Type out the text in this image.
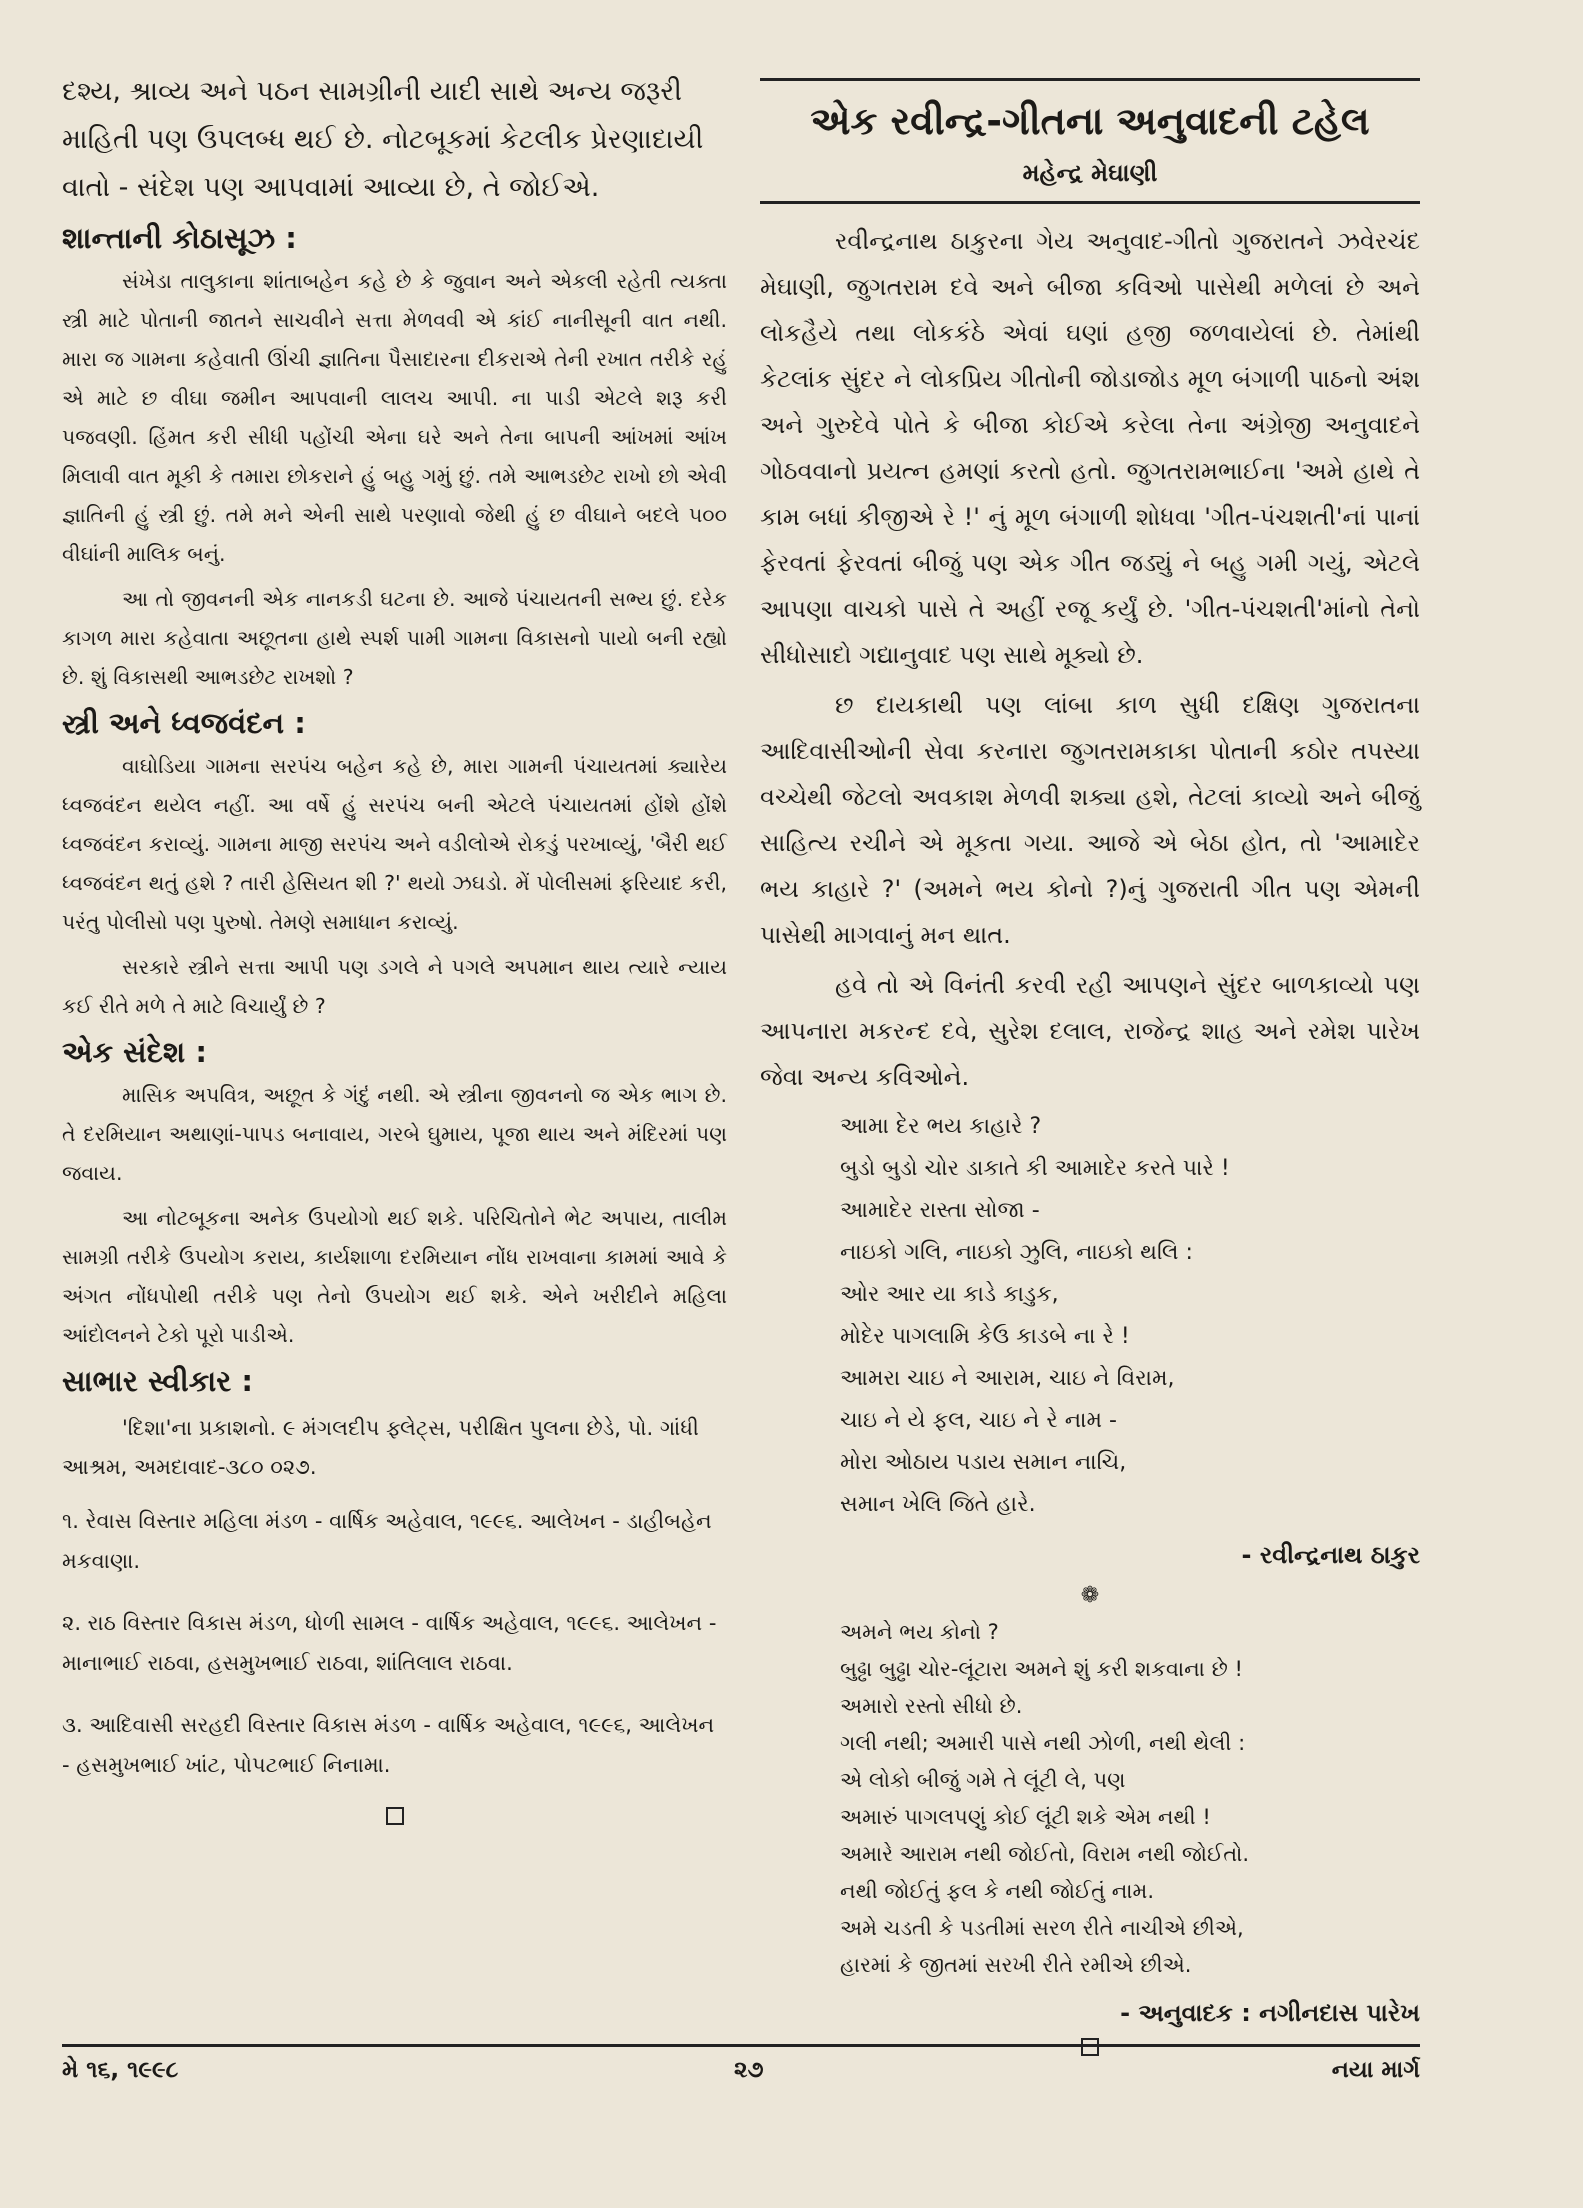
દશ્ય, શ્રાવ્ય અને પઠન સામગ્રીની યાદી સાથે અન્ય જરૂરી

માહિતી પણ ઉપલબ્ધ થઈ છે. નોટબૂકમાં કેટલીક પ્રેરણાદાયી

વાતો - સંદેશ પણ આપવામાં આવ્યા છે, તે જોઈએ.

શાન્તાની કોઠાસૂઝ :

સંખેડા તાલુકાના શાંતાબહેન કહે છે કે જુવાન અને એકલી રહેતી ત્યક્તા સ્ત્રી માટે પોતાની જાતને સાચવીને સત્તા મેળવવી એ કાંઈ નાનીસૂની વાત નથી. મારા જ ગામના કહેવાતી ઊંચી જ્ઞાતિના પૈસાદારના દીકરાએ તેની રખાત તરીકે રહું એ માટે છ વીઘા જમીન આપવાની લાલચ આપી. ના પાડી એટલે શરૂ કરી પજવણી. હિંમત કરી સીધી પહોંચી એના ઘરે અને તેના બાપની આંખમાં આંખ મિલાવી વાત મૂકી કે તમારા છોકરાને હું બહુ ગમું છું. તમે આભડછેટ રાખો છો એવી જ્ઞાતિની હું સ્ત્રી છું. તમે મને એની સાથે પરણાવો જેથી હું છ વીઘાને બદલે ૫૦૦ વીઘાંની માલિક બનું.

આ તો જીવનની એક નાનકડી ઘટના છે. આજે પંચાયતની સભ્ય છું. દરેક કાગળ મારા કહેવાતા અછૂતના હાથે સ્પર્શ પામી ગામના વિકાસનો પાયો બની રહ્યો છે. શું વિકાસથી આભડછેટ રાખશો ?

સ્ત્રી અને ધ્વજવંદન :

વાઘોડિયા ગામના સરપંચ બહેન કહે છે, મારા ગામની પંચાયતમાં ક્યારેય ધ્વજવંદન થયેલ નહીં. આ વર્ષે હું સરપંચ બની એટલે પંચાયતમાં હોંશે હોંશે ધ્વજવંદન કરાવ્યું. ગામના માજી સરપંચ અને વડીલોએ રોકડું પરખાવ્યું, 'બૈરી થઈ ધ્વજવંદન થતું હશે ? તારી હેસિયત શી ?' થયો ઝઘડો. મેં પોલીસમાં ફરિયાદ કરી, પરંતુ પોલીસો પણ પુરુષો. તેમણે સમાધાન કરાવ્યું.

સરકારે સ્ત્રીને સત્તા આપી પણ ડગલે ને પગલે અપમાન થાય ત્યારે ન્યાય કઈ રીતે મળે તે માટે વિચાર્યું છે ?

એક સંદેશ :

માસિક અપવિત્ર, અછૂત કે ગંદું નથી. એ સ્ત્રીના જીવનનો જ એક ભાગ છે. તે દરમિયાન અથાણાં-પાપડ બનાવાય, ગરબે ઘુમાય, પૂજા થાય અને મંદિરમાં પણ જવાય.

આ નોટબૂકના અનેક ઉપયોગો થઈ શકે. પરિચિતોને ભેટ અપાય, તાલીમ સામગ્રી તરીકે ઉપયોગ કરાય, કાર્યશાળા દરમિયાન નોંધ રાખવાના કામમાં આવે કે અંગત નોંધપોથી તરીકે પણ તેનો ઉપયોગ થઈ શકે. એને ખરીદીને મહિલા આંદોલનને ટેકો પૂરો પાડીએ.

સાભાર સ્વીકાર :

'દિશા'ના પ્રકાશનો. ૯ મંગલદીપ ફ્લેટ્સ, પરીક્ષિત પુલના છેડે, પો. ગાંધી આશ્રમ, અમદાવાદ-૩૮૦ ૦૨૭.

૧. રેવાસ વિસ્તાર મહિલા મંડળ - વાર્ષિક અહેવાલ, ૧૯૯૬. આલેખન - ડાહીબહેન મકવાણા.

૨. રાઠ વિસ્તાર વિકાસ મંડળ, ધોળી સામલ - વાર્ષિક અહેવાલ, ૧૯૯૬. આલેખન - માનાભાઈ રાઠવા, હસમુખભાઈ રાઠવા, શાંતિલાલ રાઠવા.

૩. આદિવાસી સરહદી વિસ્તાર વિકાસ મંડળ - વાર્ષિક અહેવાલ, ૧૯૯૬, આલેખન - હસમુખભાઈ ખાંટ, પોપટભાઈ નિનામા.

એક રવીન્દ્ર-ગીતના અનુવાદની ટહેલ
મહેન્દ્ર મેઘાણી

રવીન્દ્રનાથ ઠાકુરના ગેય અનુવાદ-ગીતો ગુજરાતને ઝવેરચંદ મેઘાણી, જુગતરામ દવે અને બીજા કવિઓ પાસેથી મળેલાં છે અને લોકહૈયે તથા લોકકંઠે એવાં ઘણાં હજી જળવાયેલાં છે. તેમાંથી કેટલાંક સુંદર ને લોકપ્રિય ગીતોની જોડાજોડ મૂળ બંગાળી પાઠનો અંશ અને ગુરુદેવે પોતે કે બીજા કોઈએ કરેલા તેના અંગ્રેજી અનુવાદને ગોઠવવાનો પ્રયત્ન હમણાં કરતો હતો. જુગતરામભાઈના 'અમે હાથે તે કામ બધાં કીજીએ રે !' નું મૂળ બંગાળી શોધવા 'ગીત-પંચશતી'નાં પાનાં ફેરવતાં ફેરવતાં બીજું પણ એક ગીત જડ્યું ને બહુ ગમી ગયું, એટલે આપણા વાચકો પાસે તે અહીં રજૂ કર્યું છે. 'ગીત-પંચશતી'માંનો તેનો સીધોસાદો ગદ્યાનુવાદ પણ સાથે મૂક્યો છે.

છ દાયકાથી પણ લાંબા કાળ સુધી દક્ષિણ ગુજરાતના આદિવાસીઓની સેવા કરનારા જુગતરામકાકા પોતાની કઠોર તપસ્યા વચ્ચેથી જેટલો અવકાશ મેળવી શક્યા હશે, તેટલાં કાવ્યો અને બીજું સાહિત્ય રચીને એ મૂકતા ગયા. આજે એ બેઠા હોત, તો 'આમાદેર ભય કાહારે ?' (અમને ભય કોનો ?)નું ગુજરાતી ગીત પણ એમની પાસેથી માગવાનું મન થાત.

હવે તો એ વિનંતી કરવી રહી આપણને સુંદર બાળકાવ્યો પણ આપનારા મકરન્દ દવે, સુરેશ દલાલ, રાજેન્દ્ર શાહ અને રમેશ પારેખ જેવા અન્ય કવિઓને.

આમા દેર ભય કાહારે ?
બુડો બુડો ચોર ડાકાતે કી આમાદેર કરતે પારે !
આમાદેર રાસ્તા સોજા -
નાઇકો ગલિ, નાઇકો ઝુલિ, નાઇકો થલિ :
ઓર આર યા કાડે કાડુક,
મોદેર પાગલામિ કેઉ કાડબે ના રે !
આમરા ચાઇ ને આરામ, ચાઇ ને વિરામ,
ચાઇ ને યે ફલ, ચાઇ ને રે નામ -
મોરા ઓઠાય પડાય સમાન નાચિ,
સમાન ખેલિ જિતે હારે.
- રવીન્દ્રનાથ ઠાકુર
❁
અમને ભય કોનો ?
બુઢ્ઢા બુઢ્ઢા ચોર-લૂંટારા અમને શું કરી શકવાના છે !
અમારો રસ્તો સીધો છે.
ગલી નથી; અમારી પાસે નથી ઝોળી, નથી થેલી :
એ લોકો બીજું ગમે તે લૂંટી લે, પણ
અમારું પાગલપણું કોઈ લૂંટી શકે એમ નથી !
અમારે આરામ નથી જોઈતો, વિરામ નથી જોઈતો.
નથી જોઈતું ફલ કે નથી જોઈતું નામ.
અમે ચડતી કે પડતીમાં સરળ રીતે નાચીએ છીએ,
હારમાં કે જીતમાં સરખી રીતે રમીએ છીએ.
- અનુવાદક : નગીનદાસ પારેખ
મે ૧૬, ૧૯૯૮	૨૭	નયા માર્ગ
